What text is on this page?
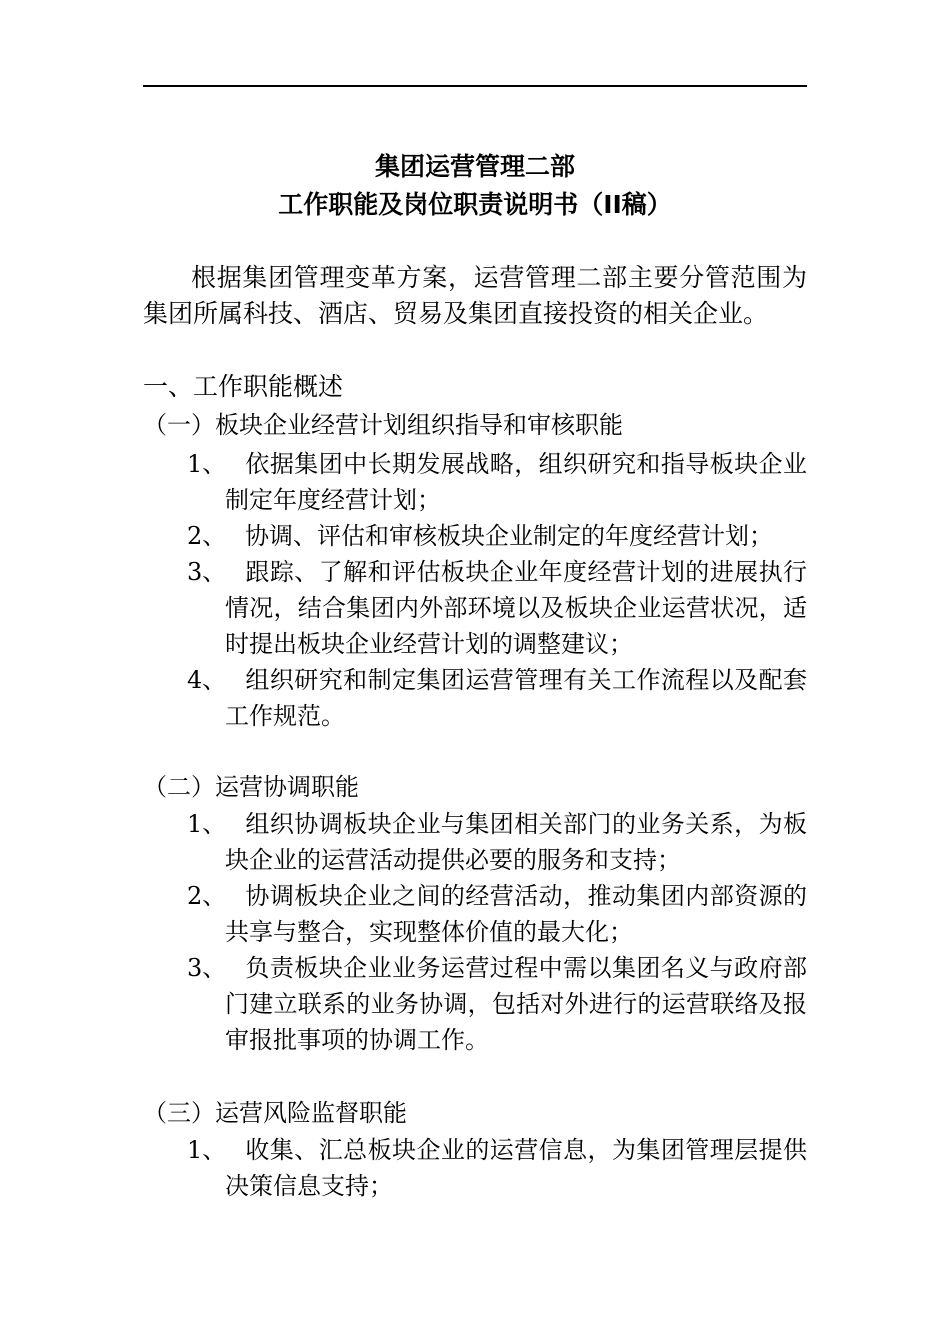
集团运营管理二部
工作职能及岗位职责说明书（II稿）
根据集团管理变革方案，运营管理二部主要分管范围为集团所属科技、酒店、贸易及集团直接投资的相关企业。
一、工作职能概述
（一）板块企业经营计划组织指导和审核职能
1、 依据集团中长期发展战略，组织研究和指导板块企业制定年度经营计划；
2、 协调、评估和审核板块企业制定的年度经营计划；
3、 跟踪、了解和评估板块企业年度经营计划的进展执行情况，结合集团内外部环境以及板块企业运营状况，适时提出板块企业经营计划的调整建议；
4、 组织研究和制定集团运营管理有关工作流程以及配套工作规范。
（二）运营协调职能
1、 组织协调板块企业与集团相关部门的业务关系，为板块企业的运营活动提供必要的服务和支持；
2、 协调板块企业之间的经营活动，推动集团内部资源的共享与整合，实现整体价值的最大化；
3、 负责板块企业业务运营过程中需以集团名义与政府部门建立联系的业务协调，包括对外进行的运营联络及报审报批事项的协调工作。
（三）运营风险监督职能
1、 收集、汇总板块企业的运营信息，为集团管理层提供决策信息支持；
